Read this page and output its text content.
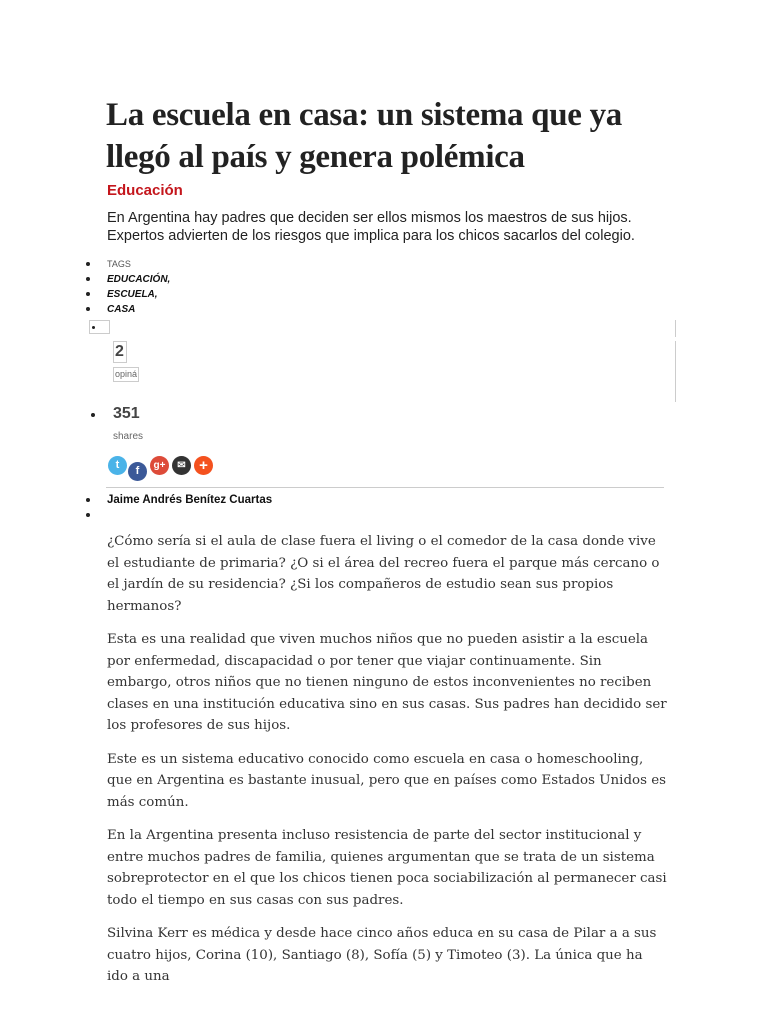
La escuela en casa: un sistema que ya llegó al país y genera polémica
Educación

En Argentina hay padres que deciden ser ellos mismos los maestros de sus hijos. Expertos advierten de los riesgos que implica para los chicos sacarlos del colegio.

TAGS
EDUCACIÓN,
ESCUELA,
CASA
2
opiná
351
shares
t	f	g+	✉ +
Jaime Andrés Benítez Cuartas

¿Cómo sería si el aula de clase fuera el living o el comedor de la casa donde vive el estudiante de primaria? ¿O si el área del recreo fuera el parque más cercano o el jardín de su residencia? ¿Si los compañeros de estudio sean sus propios hermanos?

Esta es una realidad que viven muchos niños que no pueden asistir a la escuela por enfermedad, discapacidad o por tener que viajar continuamente. Sin embargo, otros niños que no tienen ninguno de estos inconvenientes no reciben clases en una institución educativa sino en sus casas. Sus padres han decidido ser los profesores de sus hijos.

Este es un sistema educativo conocido como escuela en casa o homeschooling, que en Argentina es bastante inusual, pero que en países como Estados Unidos es más común.

En la Argentina presenta incluso resistencia de parte del sector institucional y entre muchos padres de familia, quienes argumentan que se trata de un sistema sobreprotector en el que los chicos tienen poca sociabilización al permanecer casi todo el tiempo en sus casas con sus padres.

Silvina Kerr es médica y desde hace cinco años educa en su casa de Pilar a a sus cuatro hijos, Corina (10), Santiago (8), Sofía (5) y Timoteo (3). La única que ha ido a una
